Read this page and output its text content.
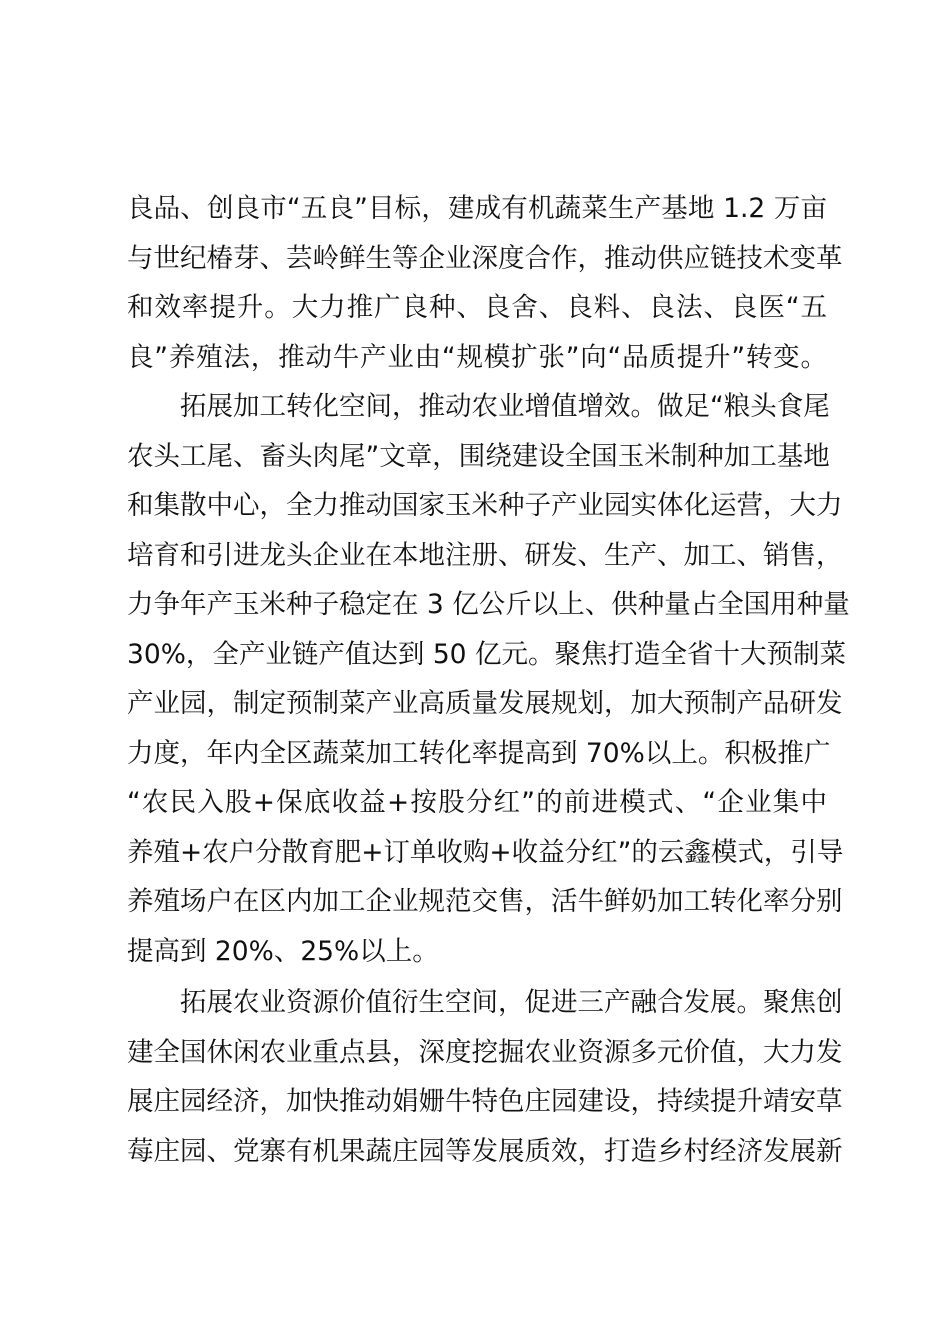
良品、创良市“五良”目标，建成有机蔬菜生产基地 1.2 万亩
与世纪椿芽、芸岭鲜生等企业深度合作，推动供应链技术变革
和效率提升。大力推广良种、良舍、良料、良法、良医“五
良”养殖法，推动牛产业由“规模扩张”向“品质提升”转变。
拓展加工转化空间，推动农业增值增效。做足“粮头食尾
农头工尾、畜头肉尾”文章，围绕建设全国玉米制种加工基地
和集散中心，全力推动国家玉米种子产业园实体化运营，大力
培育和引进龙头企业在本地注册、研发、生产、加工、销售，
力争年产玉米种子稳定在 3 亿公斤以上、供种量占全国用种量
30%，全产业链产值达到 50 亿元。聚焦打造全省十大预制菜
产业园，制定预制菜产业高质量发展规划，加大预制产品研发
力度，年内全区蔬菜加工转化率提高到 70%以上。积极推广
“农民入股+保底收益+按股分红”的前进模式、“企业集中
养殖+农户分散育肥+订单收购+收益分红”的云鑫模式，引导
养殖场户在区内加工企业规范交售，活牛鲜奶加工转化率分别
提高到 20%、25%以上。
拓展农业资源价值衍生空间，促进三产融合发展。聚焦创
建全国休闲农业重点县，深度挖掘农业资源多元价值，大力发
展庄园经济，加快推动娟姗牛特色庄园建设，持续提升靖安草
莓庄园、党寨有机果蔬庄园等发展质效，打造乡村经济发展新
